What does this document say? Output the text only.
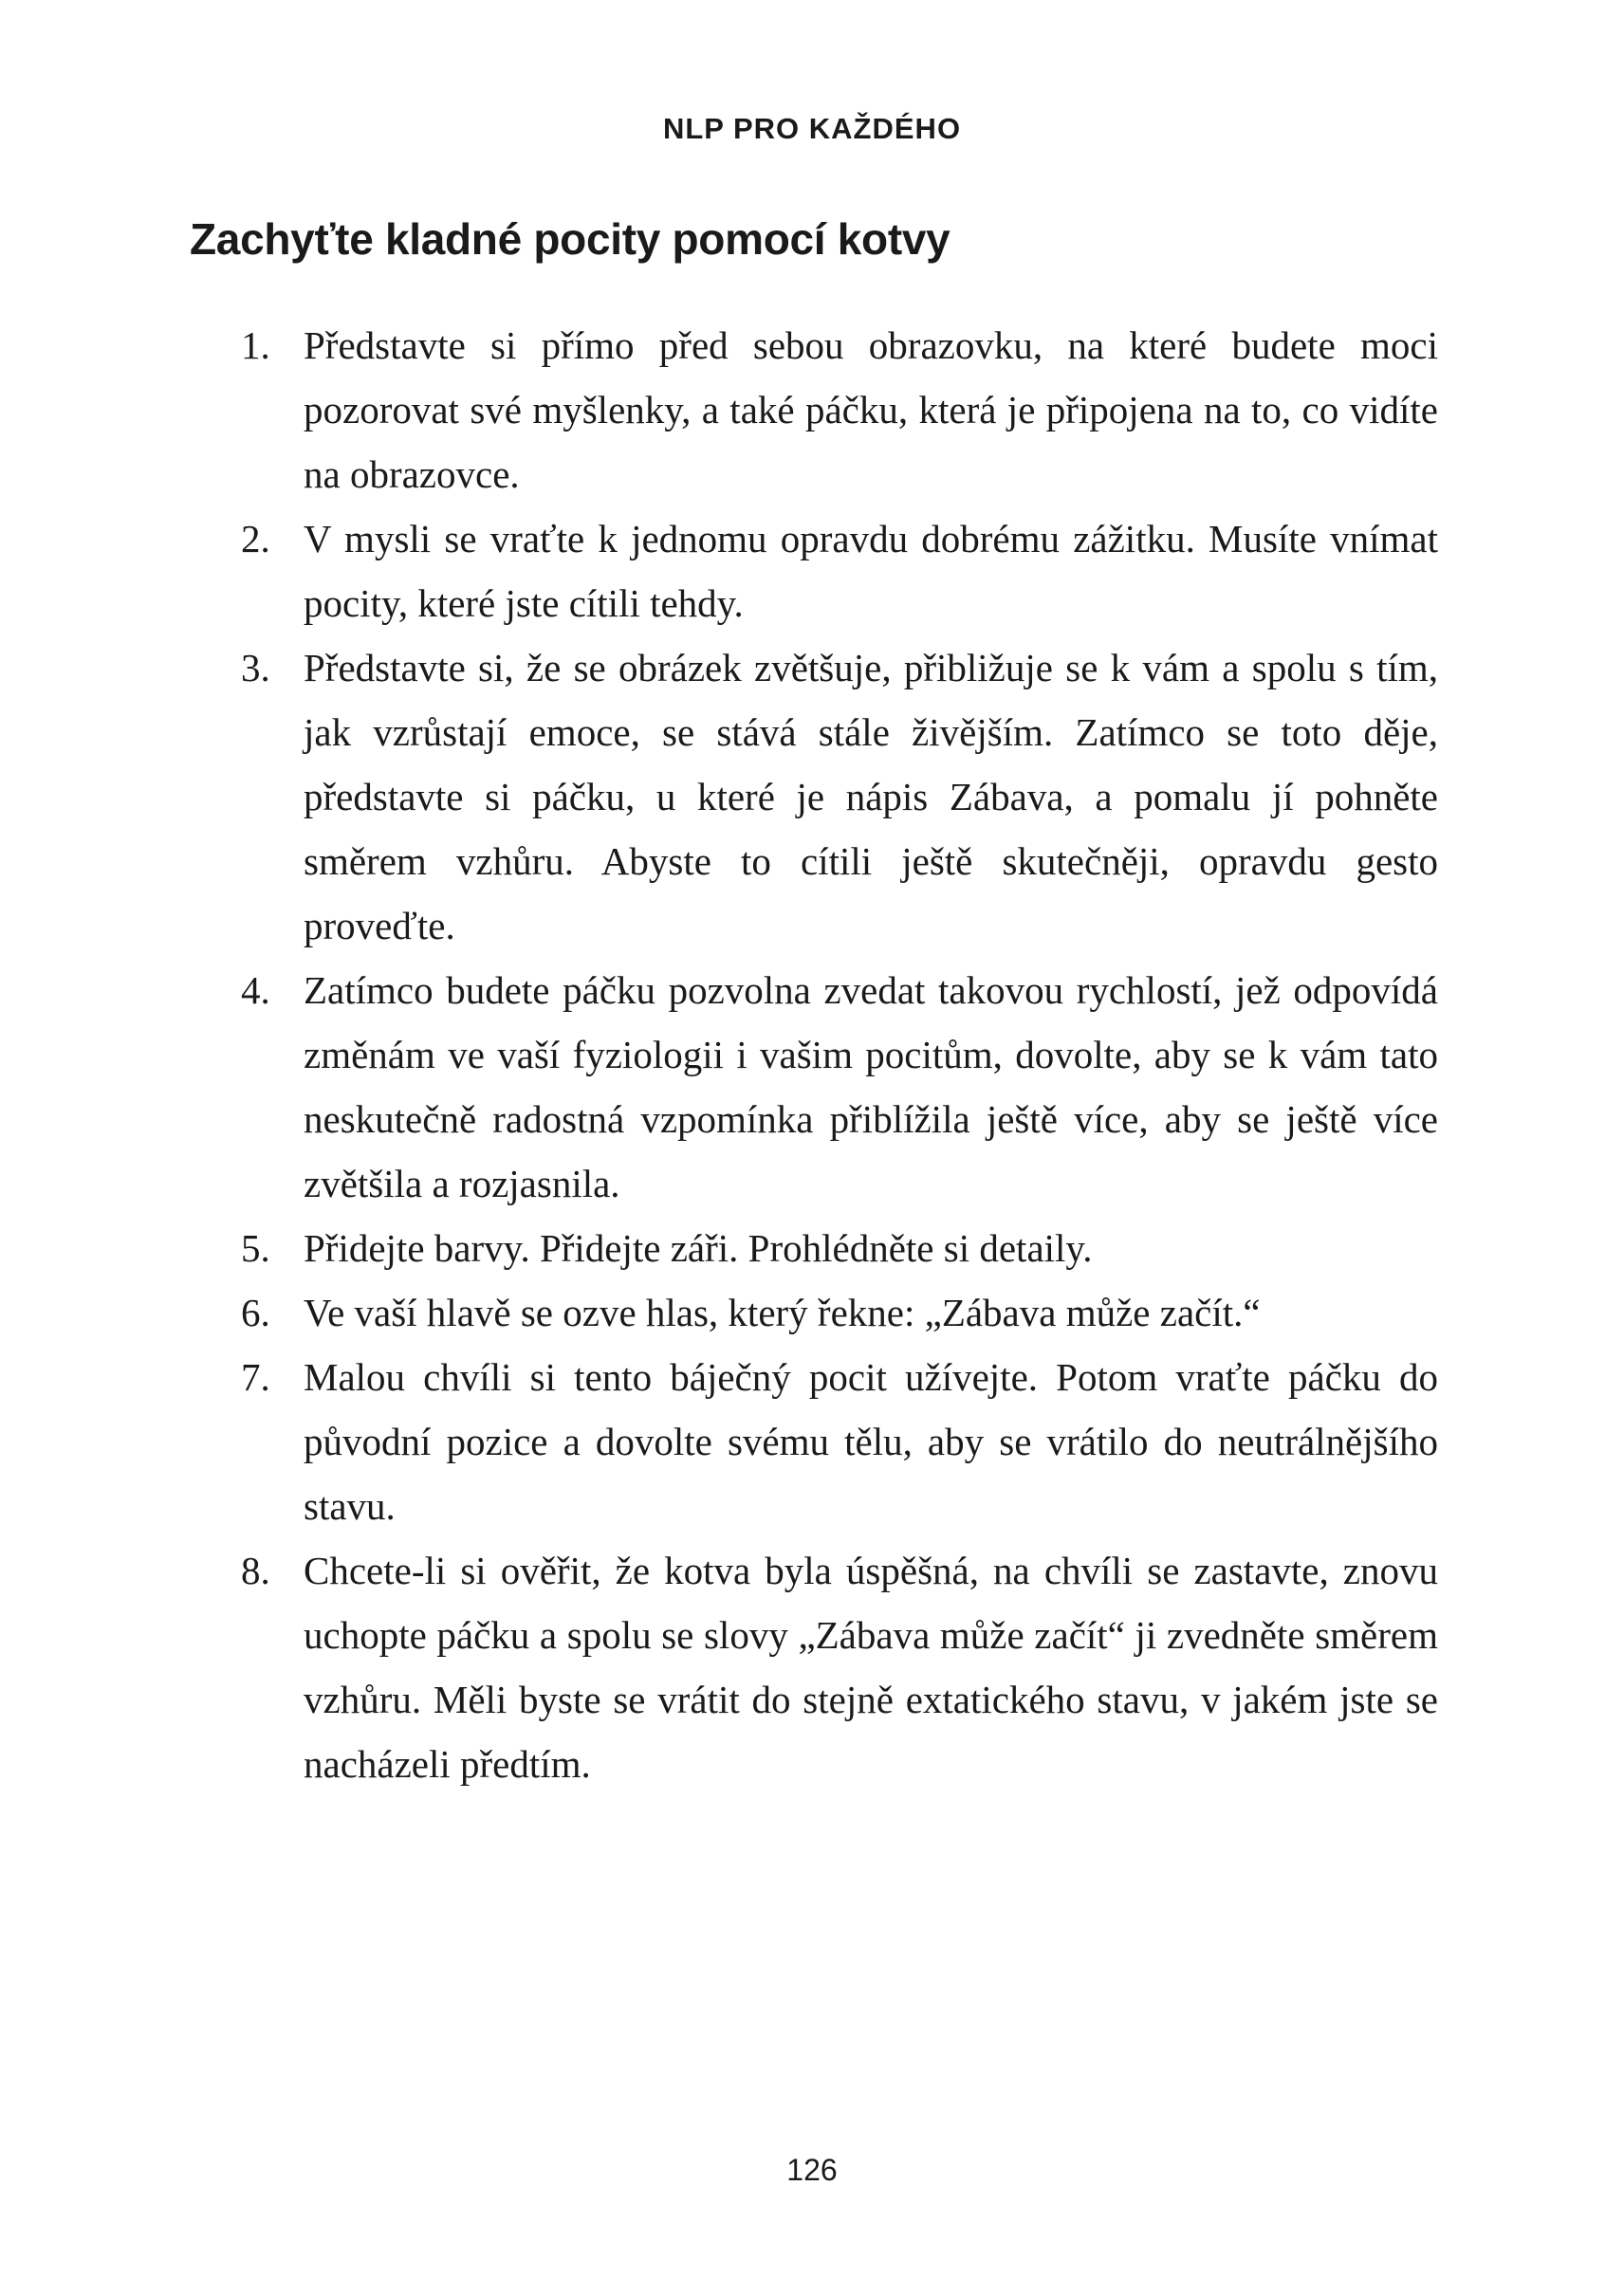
NLP PRO KAŽDÉHO
Zachyťte kladné pocity pomocí kotvy
1. Představte si přímo před sebou obrazovku, na které budete moci pozorovat své myšlenky, a také páčku, která je připojena na to, co vidíte na obrazovce.
2. V mysli se vraťte k jednomu opravdu dobrému zážitku. Musíte vnímat pocity, které jste cítili tehdy.
3. Představte si, že se obrázek zvětšuje, přibližuje se k vám a spolu s tím, jak vzrůstají emoce, se stává stále živějším. Zatímco se toto děje, představte si páčku, u které je nápis Zábava, a pomalu jí pohněte směrem vzhůru. Abyste to cítili ještě skutečněji, opravdu gesto proveďte.
4. Zatímco budete páčku pozvolna zvedat takovou rychlostí, jež odpovídá změnám ve vaší fyziologii i vašim pocitům, dovolte, aby se k vám tato neskutečně radostná vzpomínka přiblížila ještě více, aby se ještě více zvětšila a rozjasnila.
5. Přidejte barvy. Přidejte záři. Prohlédněte si detaily.
6. Ve vaší hlavě se ozve hlas, který řekne: „Zábava může začít.“
7. Malou chvíli si tento báječný pocit užívejte. Potom vraťte páčku do původní pozice a dovolte svému tělu, aby se vrátilo do neutrálnějšího stavu.
8. Chcete-li si ověřit, že kotva byla úspěšná, na chvíli se zastavte, znovu uchopte páčku a spolu se slovy „Zábava může začít“ ji zvedněte směrem vzhůru. Měli byste se vrátit do stejně extatického stavu, v jakém jste se nacházeli předtím.
126
